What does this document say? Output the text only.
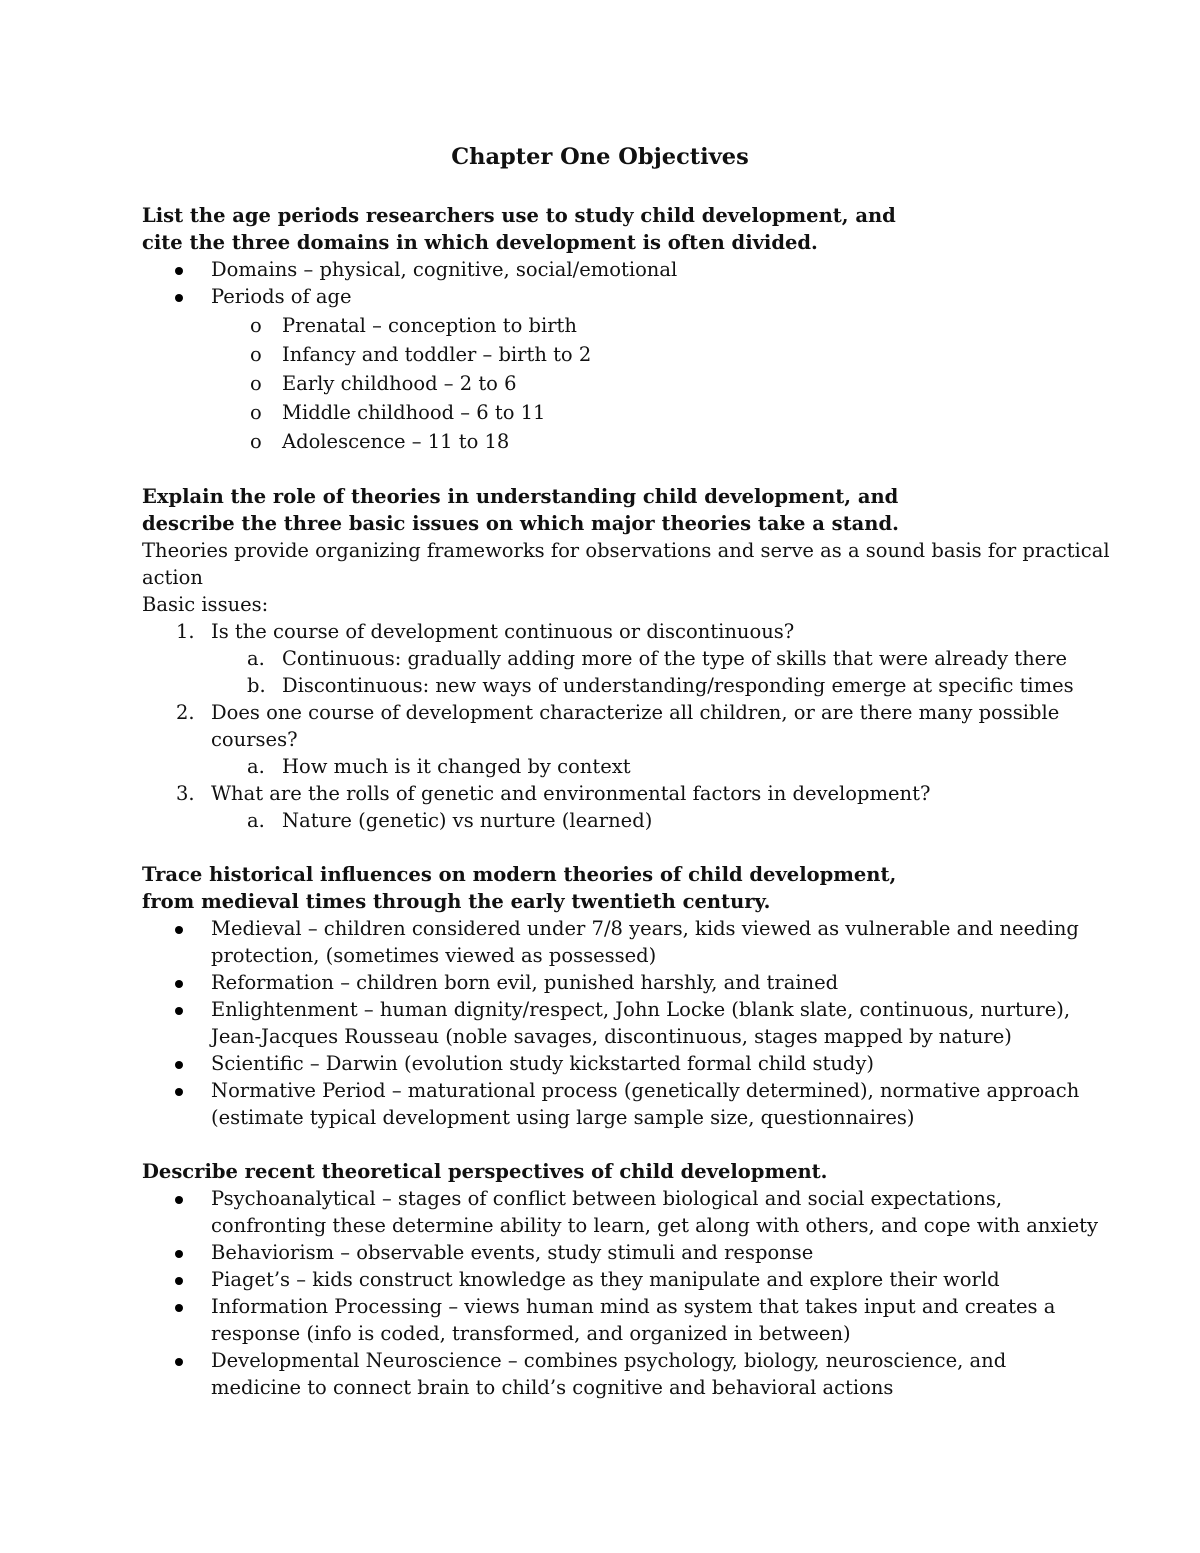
Chapter One Objectives
List the age periods researchers use to study child development, and
cite the three domains in which development is often divided.
Domains – physical, cognitive, social/emotional
Periods of age
o Prenatal – conception to birth
o Infancy and toddler – birth to 2
o Early childhood – 2 to 6
o Middle childhood – 6 to 11
o Adolescence – 11 to 18
Explain the role of theories in understanding child development, and
describe the three basic issues on which major theories take a stand.
Theories provide organizing frameworks for observations and serve as a sound basis for practical
action
Basic issues:
1. Is the course of development continuous or discontinuous?
a. Continuous: gradually adding more of the type of skills that were already there
b. Discontinuous: new ways of understanding/responding emerge at specific times
2. Does one course of development characterize all children, or are there many possible
courses?
a. How much is it changed by context
3. What are the rolls of genetic and environmental factors in development?
a. Nature (genetic) vs nurture (learned)
Trace historical influences on modern theories of child development,
from medieval times through the early twentieth century.
Medieval – children considered under 7/8 years, kids viewed as vulnerable and needing
protection, (sometimes viewed as possessed)
Reformation – children born evil, punished harshly, and trained
Enlightenment – human dignity/respect, John Locke (blank slate, continuous, nurture),
Jean-Jacques Rousseau (noble savages, discontinuous, stages mapped by nature)
Scientific – Darwin (evolution study kickstarted formal child study)
Normative Period – maturational process (genetically determined), normative approach
(estimate typical development using large sample size, questionnaires)
Describe recent theoretical perspectives of child development.
Psychoanalytical – stages of conflict between biological and social expectations,
confronting these determine ability to learn, get along with others, and cope with anxiety
Behaviorism – observable events, study stimuli and response
Piaget’s – kids construct knowledge as they manipulate and explore their world
Information Processing – views human mind as system that takes input and creates a
response (info is coded, transformed, and organized in between)
Developmental Neuroscience – combines psychology, biology, neuroscience, and
medicine to connect brain to child’s cognitive and behavioral actions
